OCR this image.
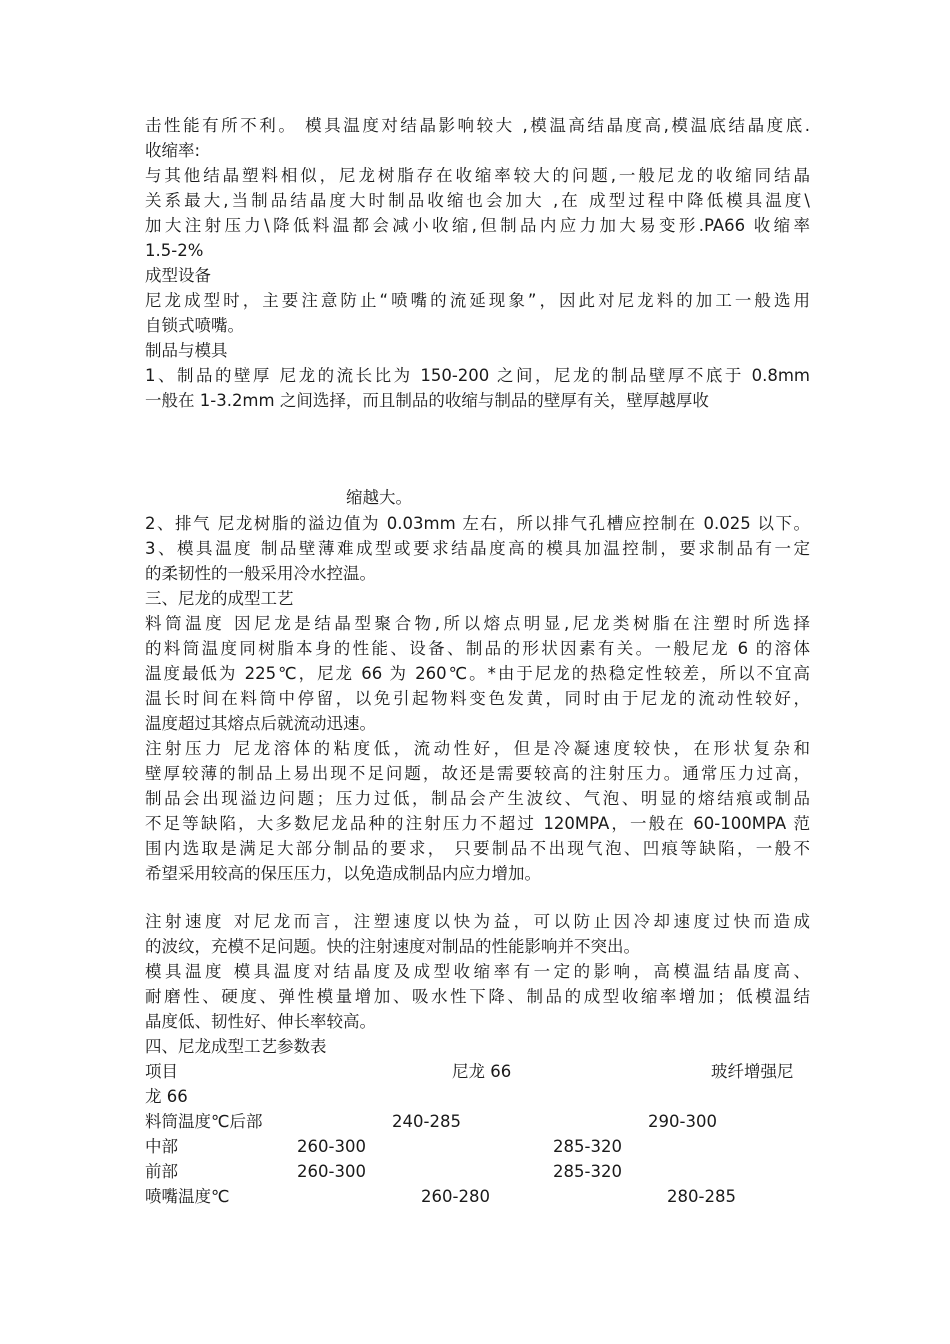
击性能有所不利。 模具温度对结晶影响较大 ,模温高结晶度高,模温底结晶度底.
收缩率:
与其他结晶塑料相似，尼龙树脂存在收缩率较大的问题,一般尼龙的收缩同结晶
关系最大,当制品结晶度大时制品收缩也会加大 ,在 成型过程中降低模具温度\
加大注射压力\降低料温都会减小收缩,但制品内应力加大易变形.PA66 收缩率
1.5-2%
成型设备
尼龙成型时，主要注意防止“喷嘴的流延现象”，因此对尼龙料的加工一般选用
自锁式喷嘴。
制品与模具
1、制品的壁厚 尼龙的流长比为 150-200 之间，尼龙的制品壁厚不底于 0.8mm
一般在 1-3.2mm 之间选择，而且制品的收缩与制品的壁厚有关，壁厚越厚收
缩越大。
2、排气 尼龙树脂的溢边值为 0.03mm 左右，所以排气孔槽应控制在 0.025 以下。
3、模具温度 制品壁薄难成型或要求结晶度高的模具加温控制，要求制品有一定
的柔韧性的一般采用冷水控温。
三、尼龙的成型工艺
料筒温度 因尼龙是结晶型聚合物,所以熔点明显,尼龙类树脂在注塑时所选择
的料筒温度同树脂本身的性能、设备、制品的形状因素有关。一般尼龙 6 的溶体
温度最低为 225℃，尼龙 66 为 260℃。*由于尼龙的热稳定性较差，所以不宜高
温长时间在料筒中停留，以免引起物料变色发黄，同时由于尼龙的流动性较好，
温度超过其熔点后就流动迅速。
注射压力 尼龙溶体的粘度低，流动性好，但是冷凝速度较快，在形状复杂和
壁厚较薄的制品上易出现不足问题，故还是需要较高的注射压力。通常压力过高，
制品会出现溢边问题；压力过低，制品会产生波纹、气泡、明显的熔结痕或制品
不足等缺陷，大多数尼龙品种的注射压力不超过 120MPA，一般在 60-100MPA 范
围内选取是满足大部分制品的要求， 只要制品不出现气泡、凹痕等缺陷，一般不
希望采用较高的保压压力，以免造成制品内应力增加。
注射速度 对尼龙而言，注塑速度以快为益，可以防止因冷却速度过快而造成
的波纹，充模不足问题。快的注射速度对制品的性能影响并不突出。
模具温度 模具温度对结晶度及成型收缩率有一定的影响，高模温结晶度高、
耐磨性、硬度、弹性模量增加、吸水性下降、制品的成型收缩率增加；低模温结
晶度低、韧性好、伸长率较高。
四、尼龙成型工艺参数表
项目	尼龙 66	玻纤增强尼
龙 66
料筒温度℃后部	240-285	290-300
中部	260-300	285-320
前部	260-300	285-320
喷嘴温度℃	260-280	280-285
